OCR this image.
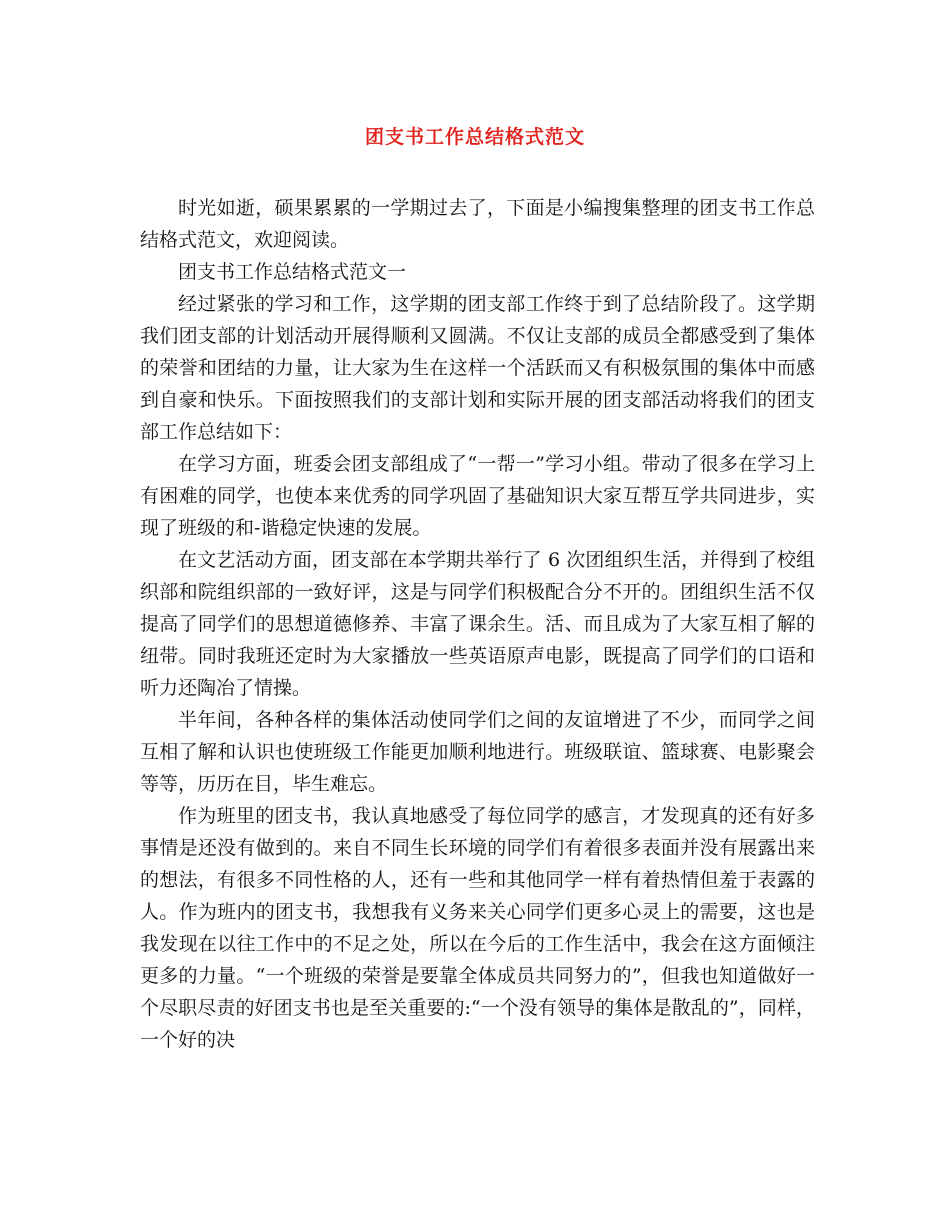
团支书工作总结格式范文

时光如逝，硕果累累的一学期过去了，下面是小编搜集整理的团支书工作总结格式范文，欢迎阅读。

团支书工作总结格式范文一

经过紧张的学习和工作，这学期的团支部工作终于到了总结阶段了。这学期我们团支部的计划活动开展得顺利又圆满。不仅让支部的成员全都感受到了集体的荣誉和团结的力量，让大家为生在这样一个活跃而又有积极氛围的集体中而感到自豪和快乐。下面按照我们的支部计划和实际开展的团支部活动将我们的团支部工作总结如下：

在学习方面，班委会团支部组成了“一帮一”学习小组。带动了很多在学习上有困难的同学，也使本来优秀的同学巩固了基础知识大家互帮互学共同进步，实现了班级的和-谐稳定快速的发展。

在文艺活动方面，团支部在本学期共举行了 6 次团组织生活，并得到了校组织部和院组织部的一致好评，这是与同学们积极配合分不开的。团组织生活不仅提高了同学们的思想道德修养、丰富了课余生。活、而且成为了大家互相了解的纽带。同时我班还定时为大家播放一些英语原声电影，既提高了同学们的口语和听力还陶冶了情操。

半年间，各种各样的集体活动使同学们之间的友谊增进了不少，而同学之间互相了解和认识也使班级工作能更加顺利地进行。班级联谊、篮球赛、电影聚会等等，历历在目，毕生难忘。

作为班里的团支书，我认真地感受了每位同学的感言，才发现真的还有好多事情是还没有做到的。来自不同生长环境的同学们有着很多表面并没有展露出来的想法，有很多不同性格的人，还有一些和其他同学一样有着热情但羞于表露的人。作为班内的团支书，我想我有义务来关心同学们更多心灵上的需要，这也是我发现在以往工作中的不足之处，所以在今后的工作生活中，我会在这方面倾注更多的力量。“一个班级的荣誉是要靠全体成员共同努力的”，但我也知道做好一个尽职尽责的好团支书也是至关重要的:“一个没有领导的集体是散乱的”，同样，一个好的决
